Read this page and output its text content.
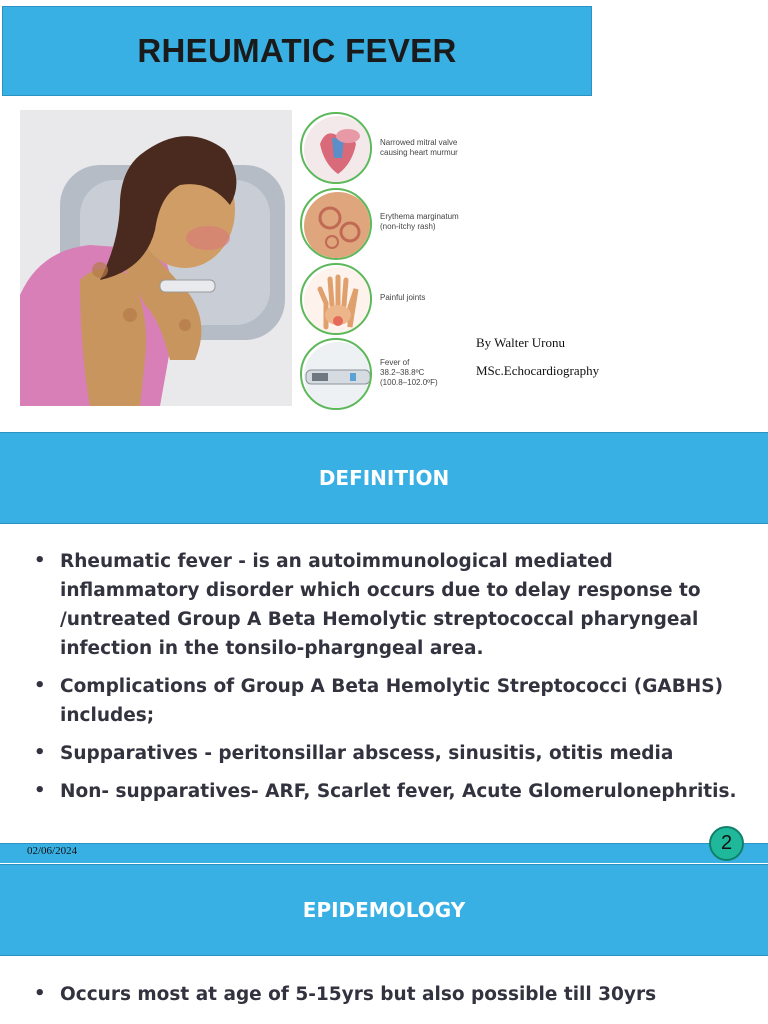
RHEUMATIC FEVER
Narrowed mitral valve
causing heart murmur
Erythema marginatum
(non-itchy rash)
Painful joints
Fever of
38.2–38.8ºC
(100.8–102.0ºF)
By Walter Uronu
MSc.Echocardiography
DEFINITION
• Rheumatic fever - is an autoimmunological mediated inflammatory disorder which occurs due to delay response to /untreated Group A Beta Hemolytic streptococcal pharyngeal infection in the tonsilo-phargngeal area.
• Complications of Group A Beta Hemolytic Streptococci (GABHS) includes;
• Supparatives - peritonsillar abscess, sinusitis, otitis media
• Non- supparatives- ARF, Scarlet fever, Acute Glomerulonephritis.
02/06/2024	2
EPIDEMOLOGY
• Occurs most at age of 5-15yrs but also possible till 30yrs
